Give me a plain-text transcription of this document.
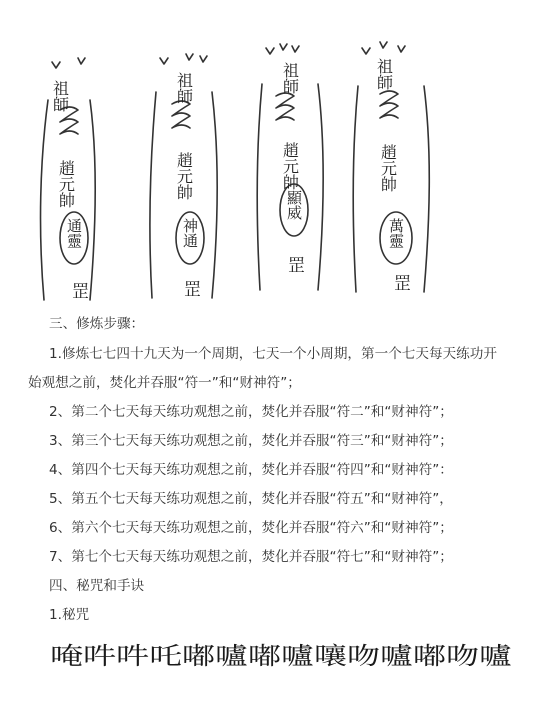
祖師
趙元帥
通靈
罡
祖師
趙元帥
神通
罡
祖師
趙元帥
顯威
罡
祖師
趙元帥
萬靈
罡
三、修炼步骤：
1.修炼七七四十九天为一个周期，七天一个小周期，第一个七天每天练功开
始观想之前，焚化并吞服“符一”和“财神符”；
2、第二个七天每天练功观想之前，焚化并吞服“符二”和“财神符”；
3、第三个七天每天练功观想之前，焚化并吞服“符三”和“财神符”；
4、第四个七天每天练功观想之前，焚化并吞服“符四”和“财神符”：
5、第五个七天每天练功观想之前，焚化并吞服“符五”和“财神符”，
6、第六个七天每天练功观想之前，焚化并吞服“符六”和“财神符”；
7、第七个七天每天练功观想之前，焚化并吞服“符七”和“财神符”；
四、秘咒和手诀
1.秘咒
唵吽吽吒嘟嚧嘟嚧嚷吻嚧嘟吻嚧
